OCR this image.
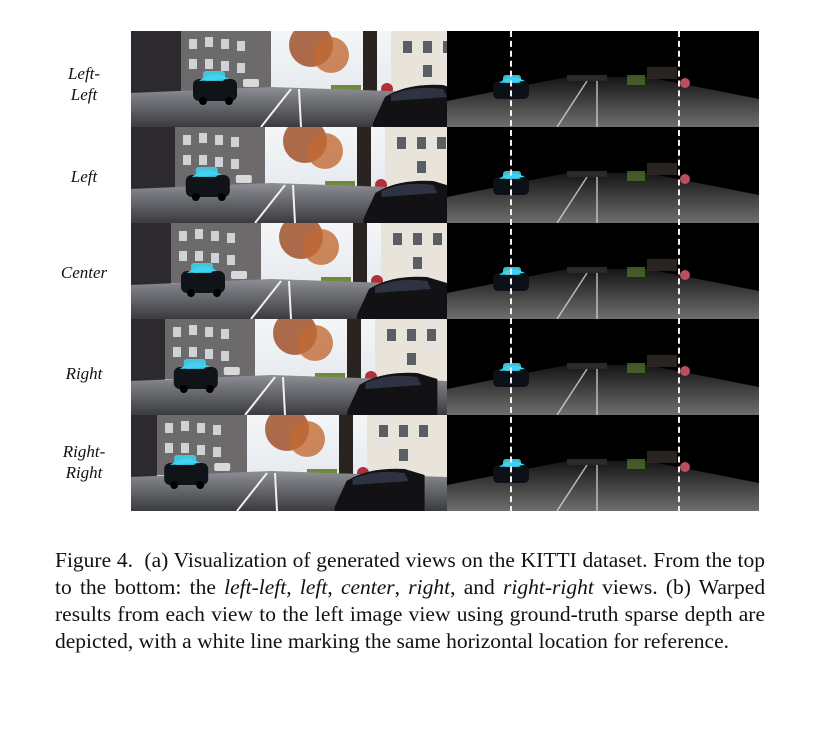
Left-
Left
Left
Center
Right
Right-
Right
Figure 4. (a) Visualization of generated views on the KITTI dataset. From the top to the bottom: the left-left, left, center, right, and right-right views. (b) Warped results from each view to the left image view using ground-truth sparse depth are depicted, with a white line marking the same horizontal location for reference.
